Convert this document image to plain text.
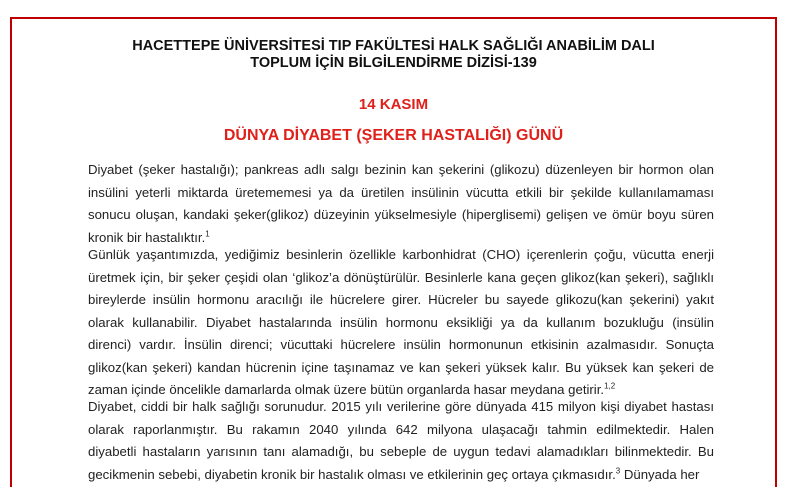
HACETTEPE ÜNİVERSİTESİ TIP FAKÜLTESİ HALK SAĞLIĞI ANABİLİM DALI
TOPLUM İÇİN BİLGİLENDİRME DİZİSİ-139
14 KASIM
DÜNYA DİYABET (ŞEKER HASTALIĞI) GÜNÜ
Diyabet (şeker hastalığı); pankreas adlı salgı bezinin kan şekerini (glikozu) düzenleyen bir hormon olan
insülini yeterli miktarda üretememesi ya da üretilen insülinin vücutta etkili bir şekilde kullanılamaması
sonucu oluşan, kandaki şeker(glikoz) düzeyinin yükselmesiyle (hiperglisemi) gelişen ve ömür boyu süren
kronik bir hastalıktır.$^1$
Günlük yaşantımızda, yediğimiz besinlerin özellikle karbonhidrat (CHO) içerenlerin çoğu, vücutta enerji
üretmek için, bir şeker çeşidi olan ‘glikoz’a dönüştürülür. Besinlerle kana geçen glikoz(kan şekeri), sağlıklı
bireylerde insülin hormonu aracılığı ile hücrelere girer. Hücreler bu sayede glikozu(kan şekerini) yakıt
olarak kullanabilir. Diyabet hastalarında insülin hormonu eksikliği ya da kullanım bozukluğu (insülin
direnci) vardır. İnsülin direnci; vücuttaki hücrelere insülin hormonunun etkisinin azalmasıdır. Sonuçta
glikoz(kan şekeri) kandan hücrenin içine taşınamaz ve kan şekeri yüksek kalır. Bu yüksek kan şekeri de
zaman içinde öncelikle damarlarda olmak üzere bütün organlarda hasar meydana getirir.$^{1,2}$
Diyabet, ciddi bir halk sağlığı sorunudur. 2015 yılı verilerine göre dünyada 415 milyon kişi diyabet hastası
olarak raporlanmıştır. Bu rakamın 2040 yılında 642 milyona ulaşacağı tahmin edilmektedir. Halen
diyabetli hastaların yarısının tanı alamadığı, bu sebeple de uygun tedavi alamadıkları bilinmektedir. Bu
gecikmenin sebebi, diyabetin kronik bir hastalık olması ve etkilerinin geç ortaya çıkmasıdır.$^3$ Dünyada her
